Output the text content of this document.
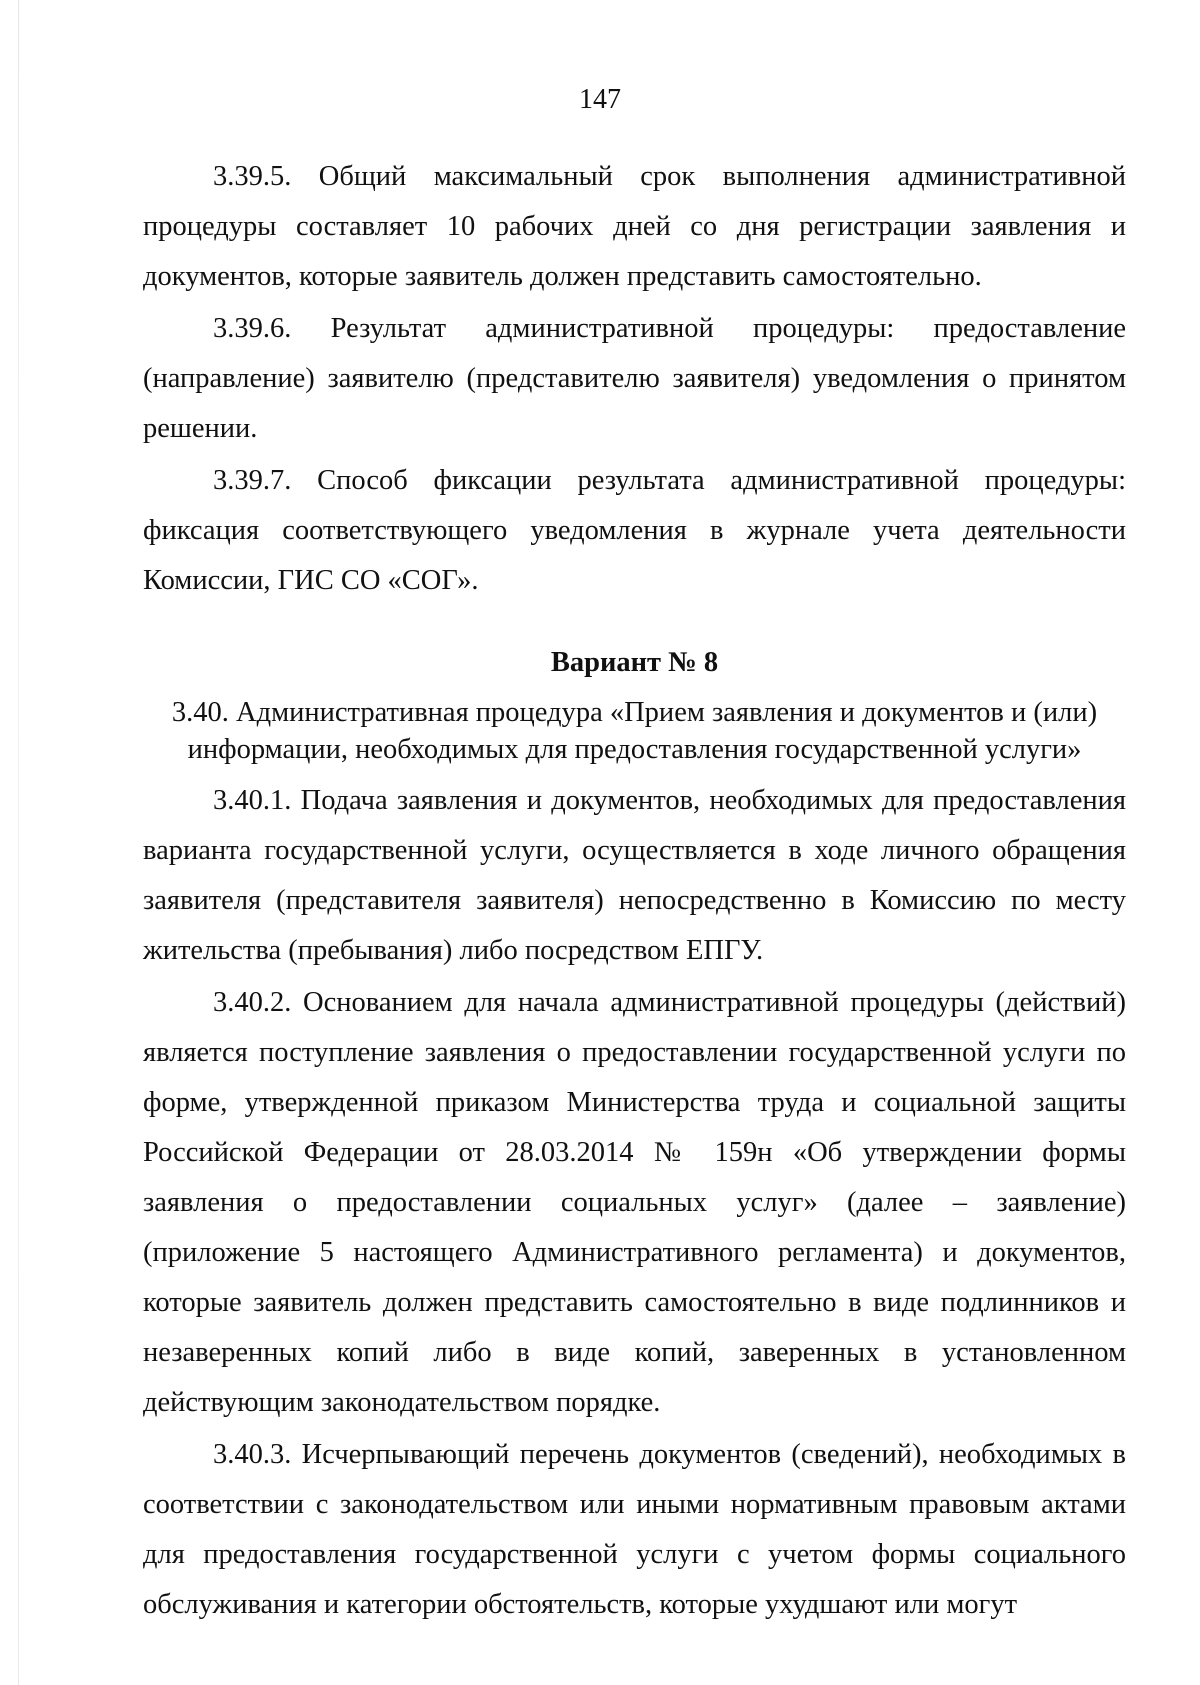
147

3.39.5. Общий максимальный срок выполнения административной процедуры составляет 10 рабочих дней со дня регистрации заявления и документов, которые заявитель должен представить самостоятельно.

3.39.6. Результат административной процедуры: предоставление (направление) заявителю (представителю заявителя) уведомления о принятом решении.

3.39.7. Способ фиксации результата административной процедуры: фиксация соответствующего уведомления в журнале учета деятельности Комиссии, ГИС СО «СОГ».

Вариант № 8
3.40. Административная процедура «Прием заявления и документов и (или) информации, необходимых для предоставления государственной услуги»

3.40.1. Подача заявления и документов, необходимых для предоставления варианта государственной услуги, осуществляется в ходе личного обращения заявителя (представителя заявителя) непосредственно в Комиссию по месту жительства (пребывания) либо посредством ЕПГУ.

3.40.2. Основанием для начала административной процедуры (действий) является поступление заявления о предоставлении государственной услуги по форме, утвержденной приказом Министерства труда и социальной защиты Российской Федерации от 28.03.2014 № 159н «Об утверждении формы заявления о предоставлении социальных услуг» (далее – заявление) (приложение 5 настоящего Административного регламента) и документов, которые заявитель должен представить самостоятельно в виде подлинников и незаверенных копий либо в виде копий, заверенных в установленном действующим законодательством порядке.

3.40.3. Исчерпывающий перечень документов (сведений), необходимых в соответствии с законодательством или иными нормативным правовым актами для предоставления государственной услуги с учетом формы социального обслуживания и категории обстоятельств, которые ухудшают или могут
